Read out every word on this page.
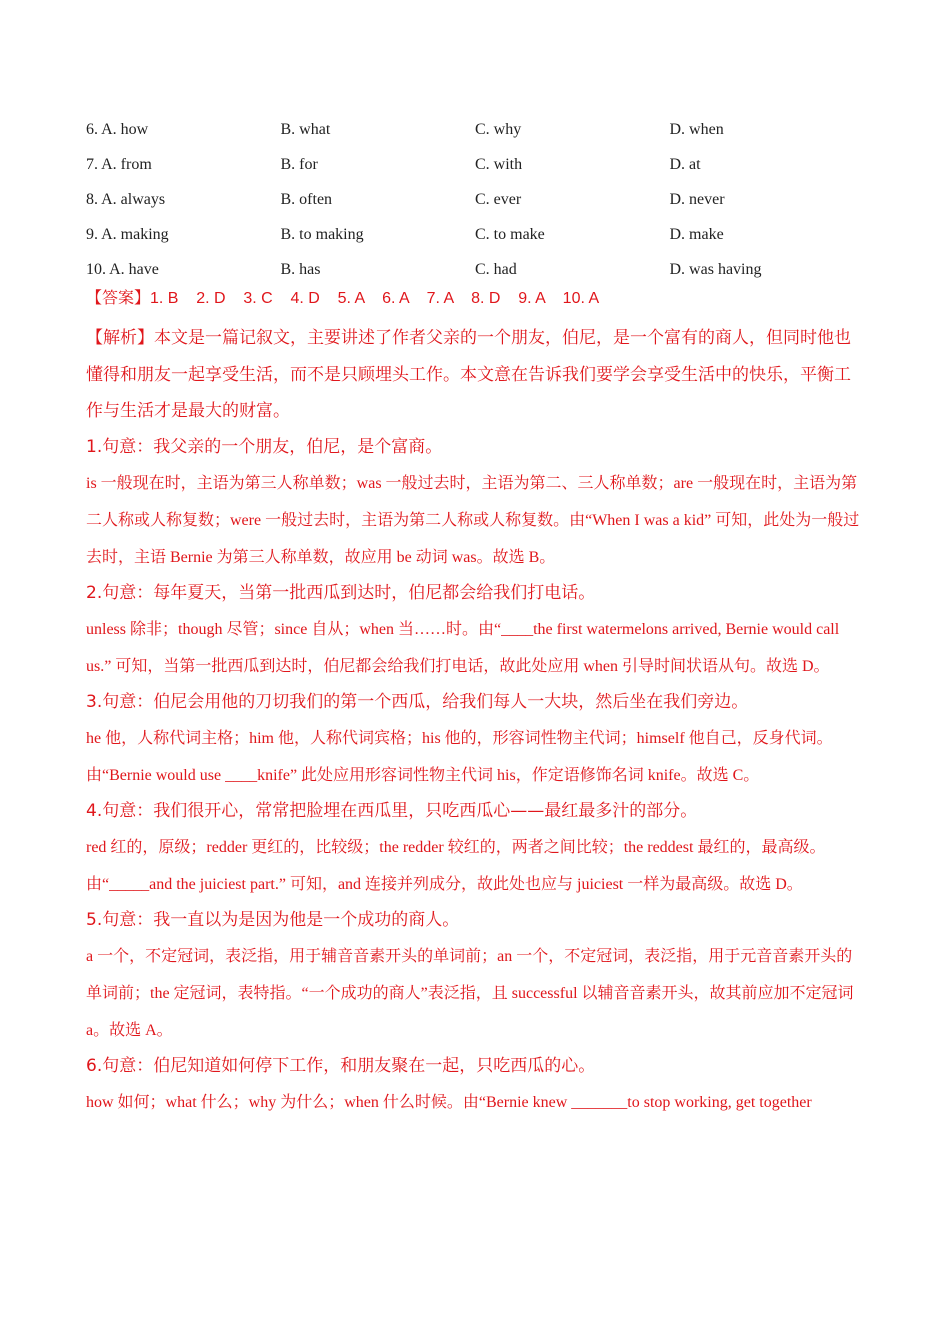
6. A. how	B. what	C. why	D. when
7. A. from	B. for	C. with	D. at
8. A. always	B. often	C. ever	D. never
9. A. making	B. to making	C. to make	D. make
10. A. have	B. has	C. had	D. was having
【答案】1. B    2. D    3. C    4. D    5. A    6. A    7. A    8. D    9. A    10. A
【解析】本文是一篇记叙文，主要讲述了作者父亲的一个朋友，伯尼，是一个富有的商人，但同时他也懂得和朋友一起享受生活，而不是只顾埋头工作。本文意在告诉我们要学会享受生活中的快乐，平衡工作与生活才是最大的财富。
1.句意：我父亲的一个朋友，伯尼，是个富商。
is 一般现在时，主语为第三人称单数；was 一般过去时，主语为第二、三人称单数；are 一般现在时，主语为第二人称或人称复数；were 一般过去时，主语为第二人称或人称复数。由“When I was a kid” 可知，此处为一般过去时，主语 Bernie 为第三人称单数，故应用 be 动词 was。故选 B。
2.句意：每年夏天，当第一批西瓜到达时，伯尼都会给我们打电话。
unless 除非；though 尽管；since 自从；when 当……时。由“____the first watermelons arrived, Bernie would call us.” 可知，当第一批西瓜到达时，伯尼都会给我们打电话，故此处应用 when 引导时间状语从句。故选 D。
3.句意：伯尼会用他的刀切我们的第一个西瓜，给我们每人一大块，然后坐在我们旁边。
he 他，人称代词主格；him 他，人称代词宾格；his 他的，形容词性物主代词；himself 他自己，反身代词。由“Bernie would use ____knife” 此处应用形容词性物主代词 his，作定语修饰名词 knife。故选 C。
4.句意：我们很开心，常常把脸埋在西瓜里，只吃西瓜心——最红最多汁的部分。
red 红的，原级；redder 更红的，比较级；the redder 较红的，两者之间比较；the reddest 最红的，最高级。由“_____and the juiciest part.” 可知，and 连接并列成分，故此处也应与 juiciest 一样为最高级。故选 D。
5.句意：我一直以为是因为他是一个成功的商人。
a 一个，不定冠词，表泛指，用于辅音音素开头的单词前；an 一个，不定冠词，表泛指，用于元音音素开头的单词前；the 定冠词，表特指。“一个成功的商人”表泛指，且 successful 以辅音音素开头，故其前应加不定冠词 a。故选 A。
6.句意：伯尼知道如何停下工作，和朋友聚在一起，只吃西瓜的心。
how 如何；what 什么；why 为什么；when 什么时候。由“Bernie knew _______to stop working, get together
